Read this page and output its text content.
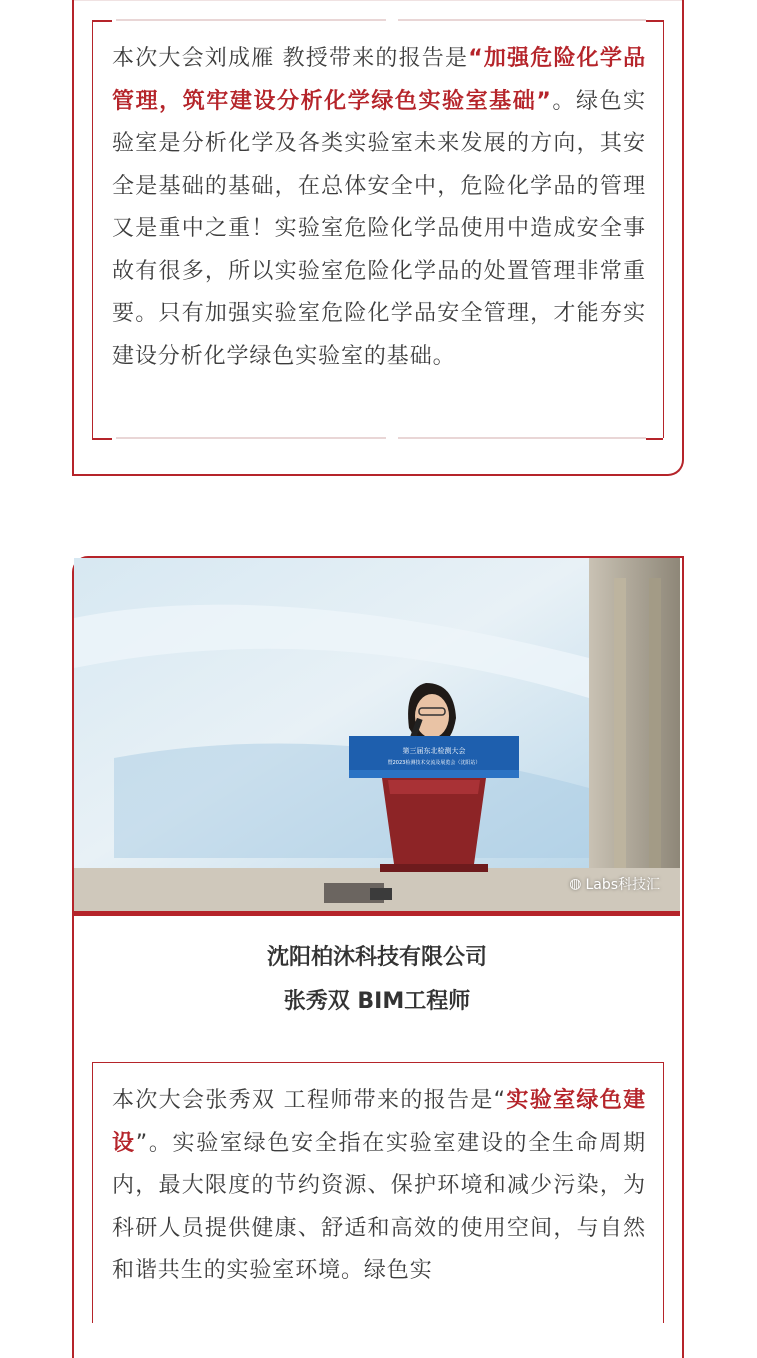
本次大会刘成雁 教授带来的报告是“加强危险化学品管理，筑牢建设分析化学绿色实验室基础”。绿色实验室是分析化学及各类实验室未来发展的方向，其安全是基础的基础，在总体安全中，危险化学品的管理又是重中之重！实验室危险化学品使用中造成安全事故有很多，所以实验室危险化学品的处置管理非常重要。只有加强实验室危险化学品安全管理，才能夯实建设分析化学绿色实验室的基础。

第三届东北检测大会
暨2023检测技术交流及展览会（沈阳站）
◍ Labs科技汇

沈阳柏沐科技有限公司

张秀双 BIM工程师

本次大会张秀双 工程师带来的报告是“实验室绿色建设”。实验室绿色安全指在实验室建设的全生命周期内，最大限度的节约资源、保护环境和减少污染，为科研人员提供健康、舒适和高效的使用空间，与自然和谐共生的实验室环境。绿色实
